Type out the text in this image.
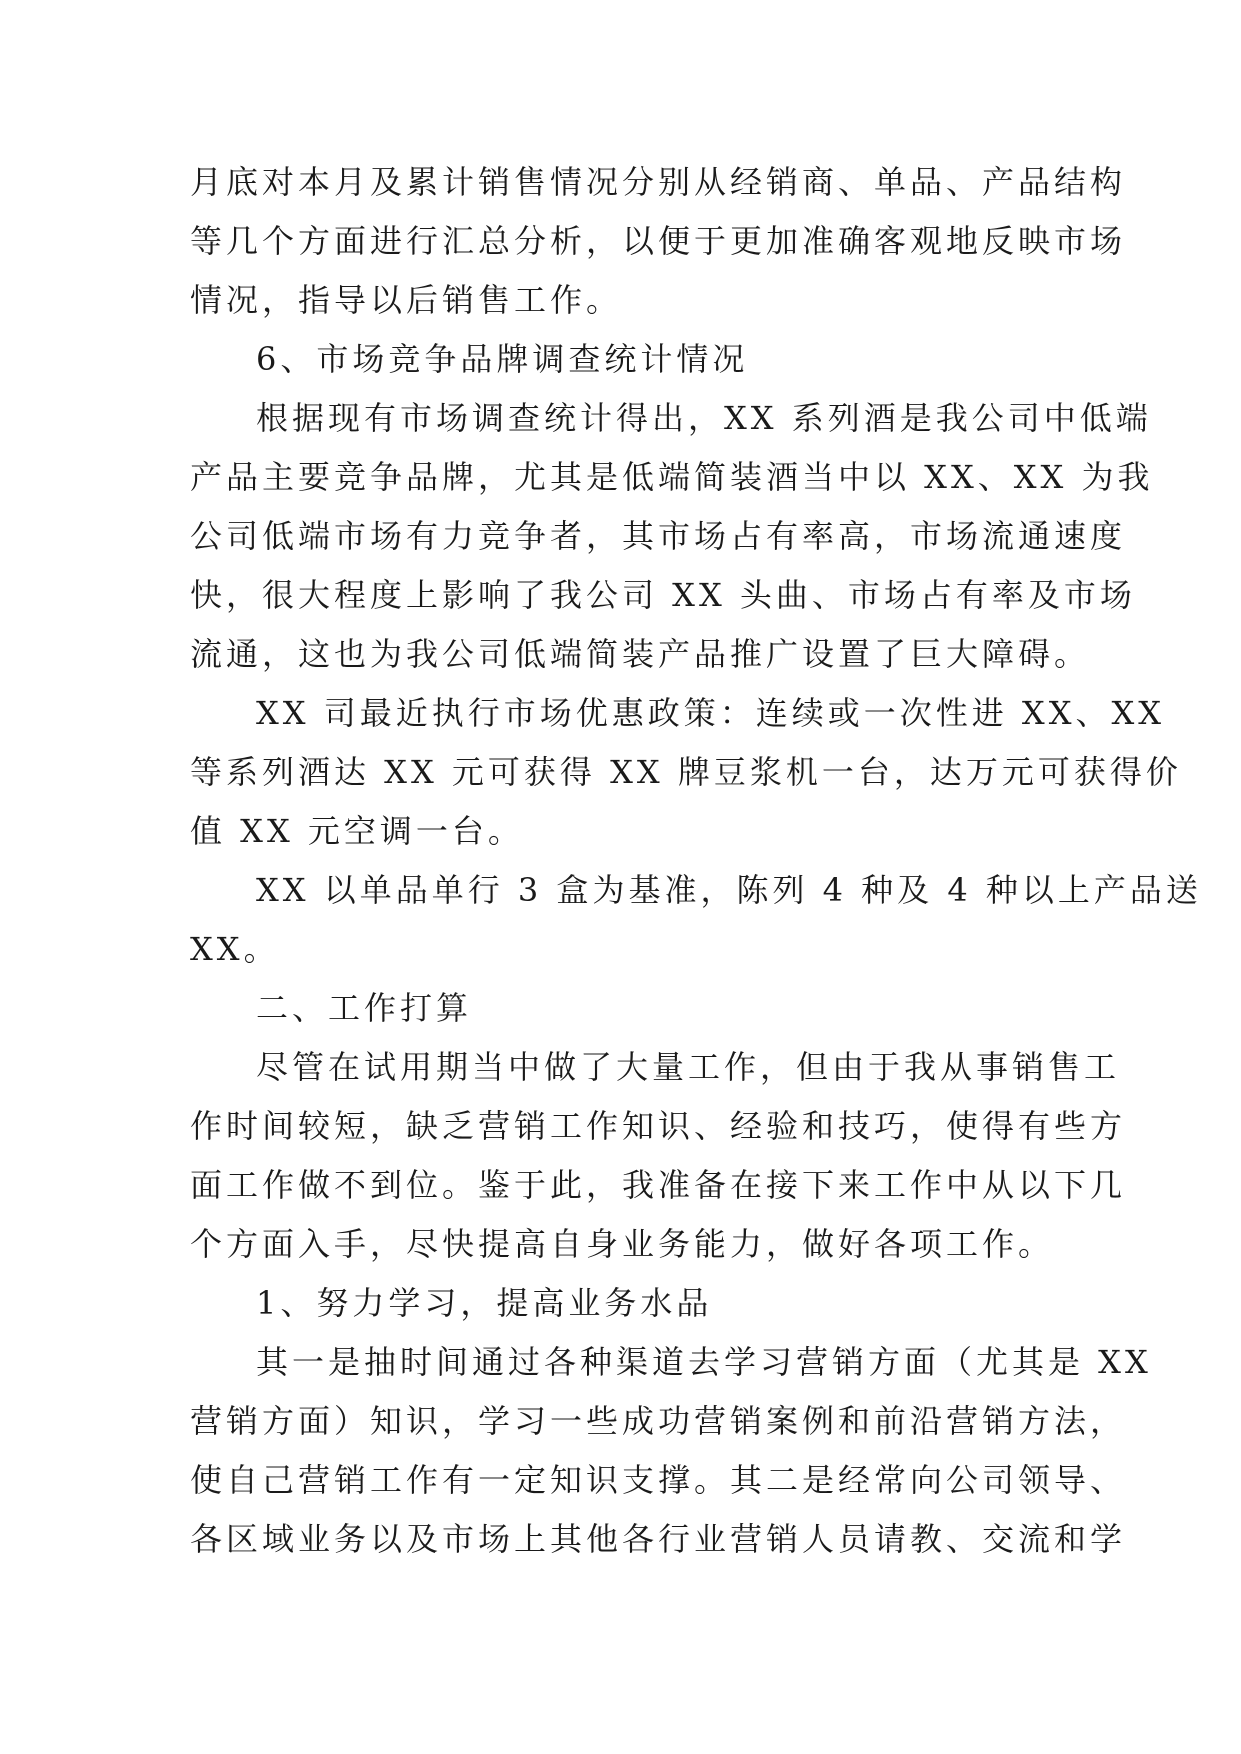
月底对本月及累计销售情况分别从经销商、单品、产品结构
等几个方面进行汇总分析，以便于更加准确客观地反映市场
情况，指导以后销售工作。
6、市场竞争品牌调查统计情况
根据现有市场调查统计得出，XX 系列酒是我公司中低端
产品主要竞争品牌，尤其是低端简装酒当中以 XX、XX 为我
公司低端市场有力竞争者，其市场占有率高，市场流通速度
快，很大程度上影响了我公司 XX 头曲、市场占有率及市场
流通，这也为我公司低端简装产品推广设置了巨大障碍。
XX 司最近执行市场优惠政策：连续或一次性进 XX、XX
等系列酒达 XX 元可获得 XX 牌豆浆机一台，达万元可获得价
值 XX 元空调一台。
XX 以单品单行 3 盒为基准，陈列 4 种及 4 种以上产品送
XX。
二、工作打算
尽管在试用期当中做了大量工作，但由于我从事销售工
作时间较短，缺乏营销工作知识、经验和技巧，使得有些方
面工作做不到位。鉴于此，我准备在接下来工作中从以下几
个方面入手，尽快提高自身业务能力，做好各项工作。
1、努力学习，提高业务水品
其一是抽时间通过各种渠道去学习营销方面（尤其是 XX
营销方面）知识，学习一些成功营销案例和前沿营销方法，
使自己营销工作有一定知识支撑。其二是经常向公司领导、
各区域业务以及市场上其他各行业营销人员请教、交流和学
